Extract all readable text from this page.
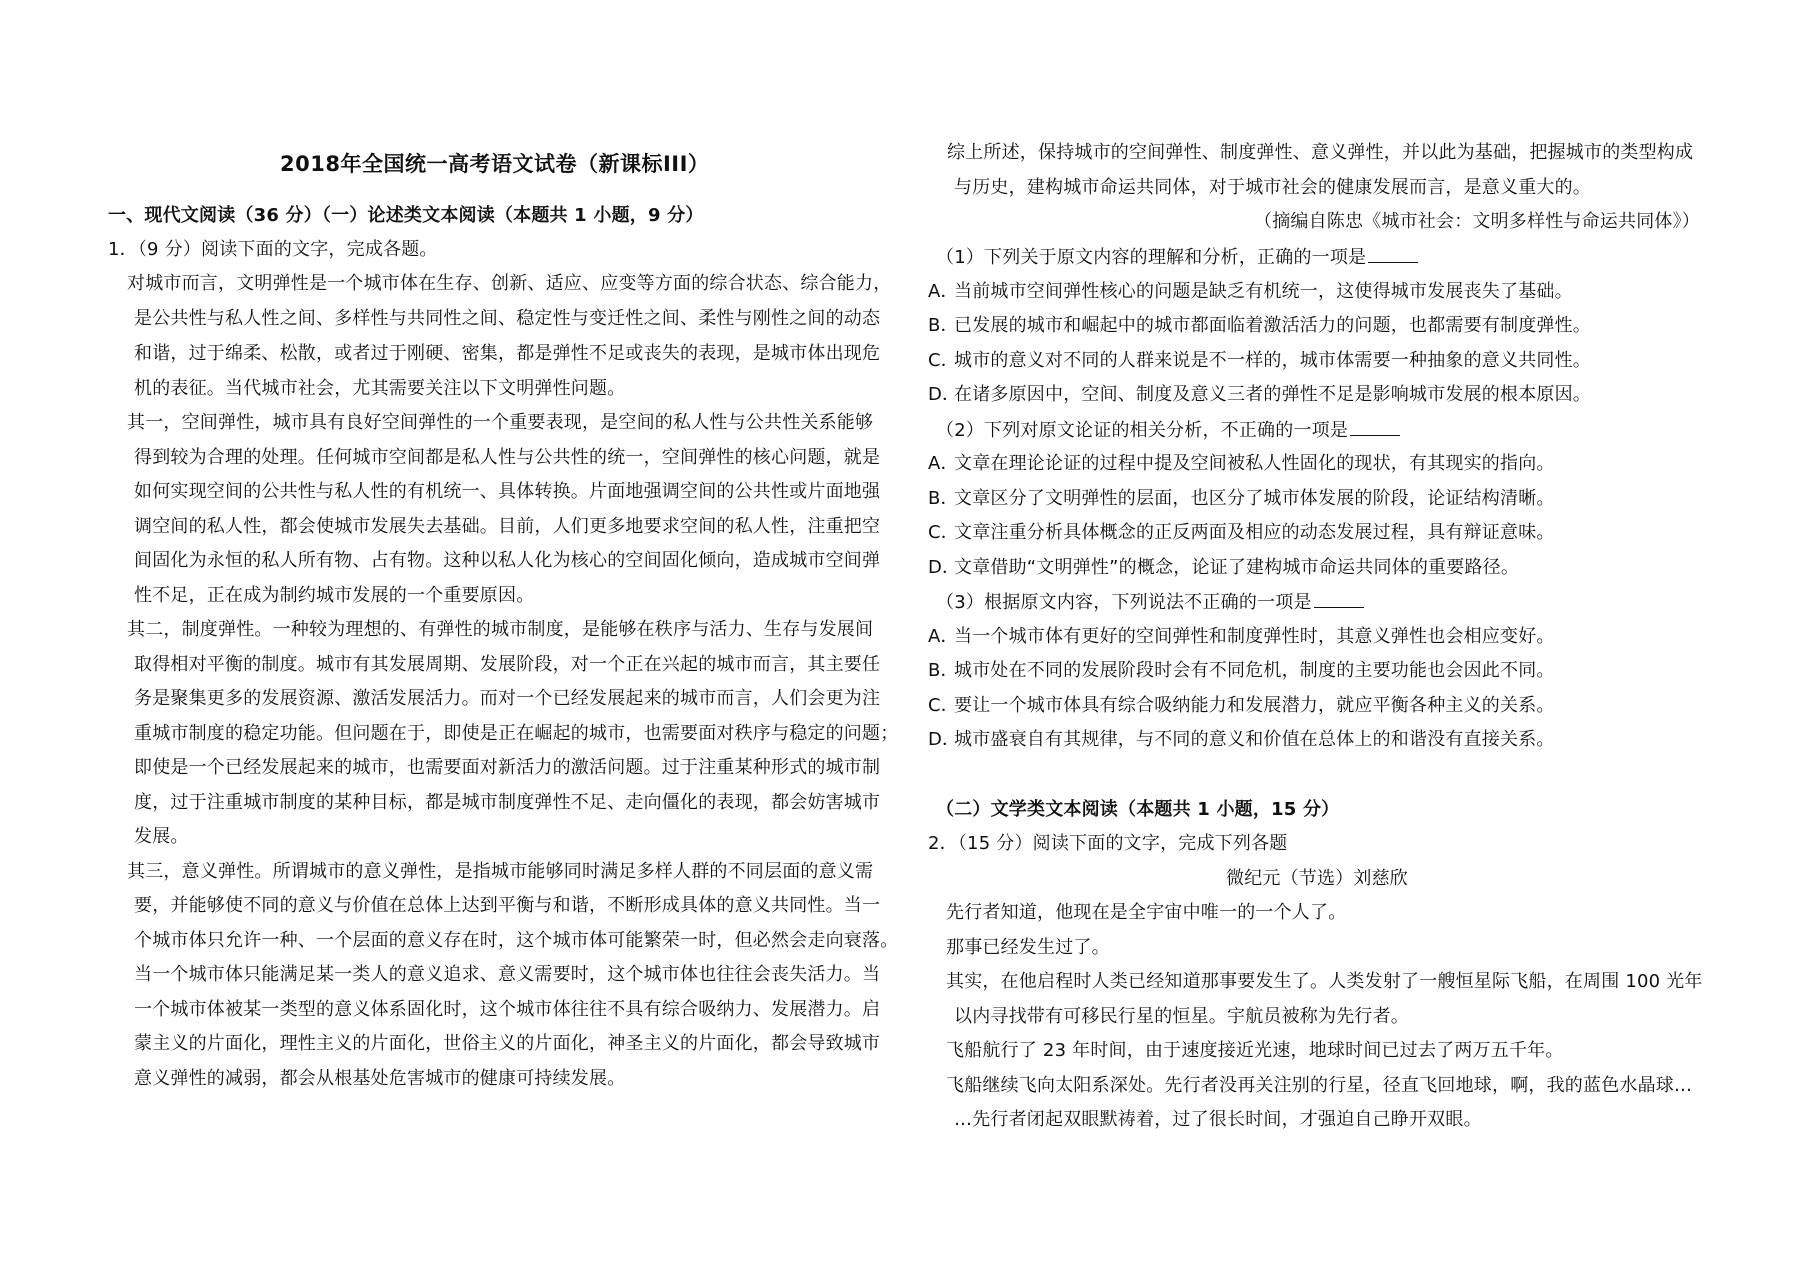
2018年全国统一高考语文试卷（新课标III）
一、现代文阅读（36 分）（一）论述类文本阅读（本题共 1 小题，9 分）
1．（9 分）阅读下面的文字，完成各题。
对城市而言，文明弹性是一个城市体在生存、创新、适应、应变等方面的综合状态、综合能力，
是公共性与私人性之间、多样性与共同性之间、稳定性与变迁性之间、柔性与刚性之间的动态
和谐，过于绵柔、松散，或者过于刚硬、密集，都是弹性不足或丧失的表现，是城市体出现危
机的表征。当代城市社会，尤其需要关注以下文明弹性问题。
其一，空间弹性，城市具有良好空间弹性的一个重要表现，是空间的私人性与公共性关系能够
得到较为合理的处理。任何城市空间都是私人性与公共性的统一，空间弹性的核心问题，就是
如何实现空间的公共性与私人性的有机统一、具体转换。片面地强调空间的公共性或片面地强
调空间的私人性，都会使城市发展失去基础。目前，人们更多地要求空间的私人性，注重把空
间固化为永恒的私人所有物、占有物。这种以私人化为核心的空间固化倾向，造成城市空间弹
性不足，正在成为制约城市发展的一个重要原因。
其二，制度弹性。一种较为理想的、有弹性的城市制度，是能够在秩序与活力、生存与发展间
取得相对平衡的制度。城市有其发展周期、发展阶段，对一个正在兴起的城市而言，其主要任
务是聚集更多的发展资源、激活发展活力。而对一个已经发展起来的城市而言，人们会更为注
重城市制度的稳定功能。但问题在于，即使是正在崛起的城市，也需要面对秩序与稳定的问题；
即使是一个已经发展起来的城市，也需要面对新活力的激活问题。过于注重某种形式的城市制
度，过于注重城市制度的某种目标，都是城市制度弹性不足、走向僵化的表现，都会妨害城市
发展。
其三，意义弹性。所谓城市的意义弹性，是指城市能够同时满足多样人群的不同层面的意义需
要，并能够使不同的意义与价值在总体上达到平衡与和谐，不断形成具体的意义共同性。当一
个城市体只允许一种、一个层面的意义存在时，这个城市体可能繁荣一时，但必然会走向衰落。
当一个城市体只能满足某一类人的意义追求、意义需要时，这个城市体也往往会丧失活力。当
一个城市体被某一类型的意义体系固化时，这个城市体往往不具有综合吸纳力、发展潜力。启
蒙主义的片面化，理性主义的片面化，世俗主义的片面化，神圣主义的片面化，都会导致城市
意义弹性的减弱，都会从根基处危害城市的健康可持续发展。
综上所述，保持城市的空间弹性、制度弹性、意义弹性，并以此为基础，把握城市的类型构成
与历史，建构城市命运共同体，对于城市社会的健康发展而言，是意义重大的。
（摘编自陈忠《城市社会：文明多样性与命运共同体》）
（1）下列关于原文内容的理解和分析，正确的一项是
A．当前城市空间弹性核心的问题是缺乏有机统一，这使得城市发展丧失了基础。
B．已发展的城市和崛起中的城市都面临着激活活力的问题，也都需要有制度弹性。
C．城市的意义对不同的人群来说是不一样的，城市体需要一种抽象的意义共同性。
D．在诸多原因中，空间、制度及意义三者的弹性不足是影响城市发展的根本原因。
（2）下列对原文论证的相关分析，不正确的一项是
A．文章在理论论证的过程中提及空间被私人性固化的现状，有其现实的指向。
B．文章区分了文明弹性的层面，也区分了城市体发展的阶段，论证结构清晰。
C．文章注重分析具体概念的正反两面及相应的动态发展过程，具有辩证意味。
D．文章借助“文明弹性”的概念，论证了建构城市命运共同体的重要路径。
（3）根据原文内容，下列说法不正确的一项是
A．当一个城市体有更好的空间弹性和制度弹性时，其意义弹性也会相应变好。
B．城市处在不同的发展阶段时会有不同危机，制度的主要功能也会因此不同。
C．要让一个城市体具有综合吸纳能力和发展潜力，就应平衡各种主义的关系。
D．城市盛衰自有其规律，与不同的意义和价值在总体上的和谐没有直接关系。
（二）文学类文本阅读（本题共 1 小题，15 分）
2．（15 分）阅读下面的文字，完成下列各题
微纪元（节选）刘慈欣
先行者知道，他现在是全宇宙中唯一的一个人了。
那事已经发生过了。
其实，在他启程时人类已经知道那事要发生了。人类发射了一艘恒星际飞船，在周围 100 光年
以内寻找带有可移民行星的恒星。宇航员被称为先行者。
飞船航行了 23 年时间，由于速度接近光速，地球时间已过去了两万五千年。
飞船继续飞向太阳系深处。先行者没再关注别的行星，径直飞回地球，啊，我的蓝色水晶球…
…先行者闭起双眼默祷着，过了很长时间，才强迫自己睁开双眼。
